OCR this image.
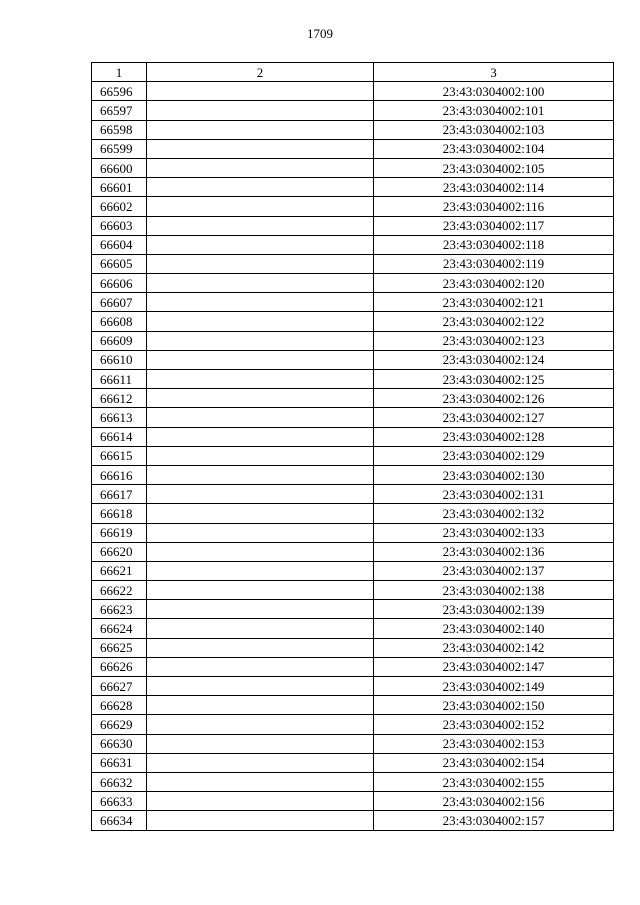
1709
1	2	3
66596		23:43:0304002:100
66597		23:43:0304002:101
66598		23:43:0304002:103
66599		23:43:0304002:104
66600		23:43:0304002:105
66601		23:43:0304002:114
66602		23:43:0304002:116
66603		23:43:0304002:117
66604		23:43:0304002:118
66605		23:43:0304002:119
66606		23:43:0304002:120
66607		23:43:0304002:121
66608		23:43:0304002:122
66609		23:43:0304002:123
66610		23:43:0304002:124
66611		23:43:0304002:125
66612		23:43:0304002:126
66613		23:43:0304002:127
66614		23:43:0304002:128
66615		23:43:0304002:129
66616		23:43:0304002:130
66617		23:43:0304002:131
66618		23:43:0304002:132
66619		23:43:0304002:133
66620		23:43:0304002:136
66621		23:43:0304002:137
66622		23:43:0304002:138
66623		23:43:0304002:139
66624		23:43:0304002:140
66625		23:43:0304002:142
66626		23:43:0304002:147
66627		23:43:0304002:149
66628		23:43:0304002:150
66629		23:43:0304002:152
66630		23:43:0304002:153
66631		23:43:0304002:154
66632		23:43:0304002:155
66633		23:43:0304002:156
66634		23:43:0304002:157
